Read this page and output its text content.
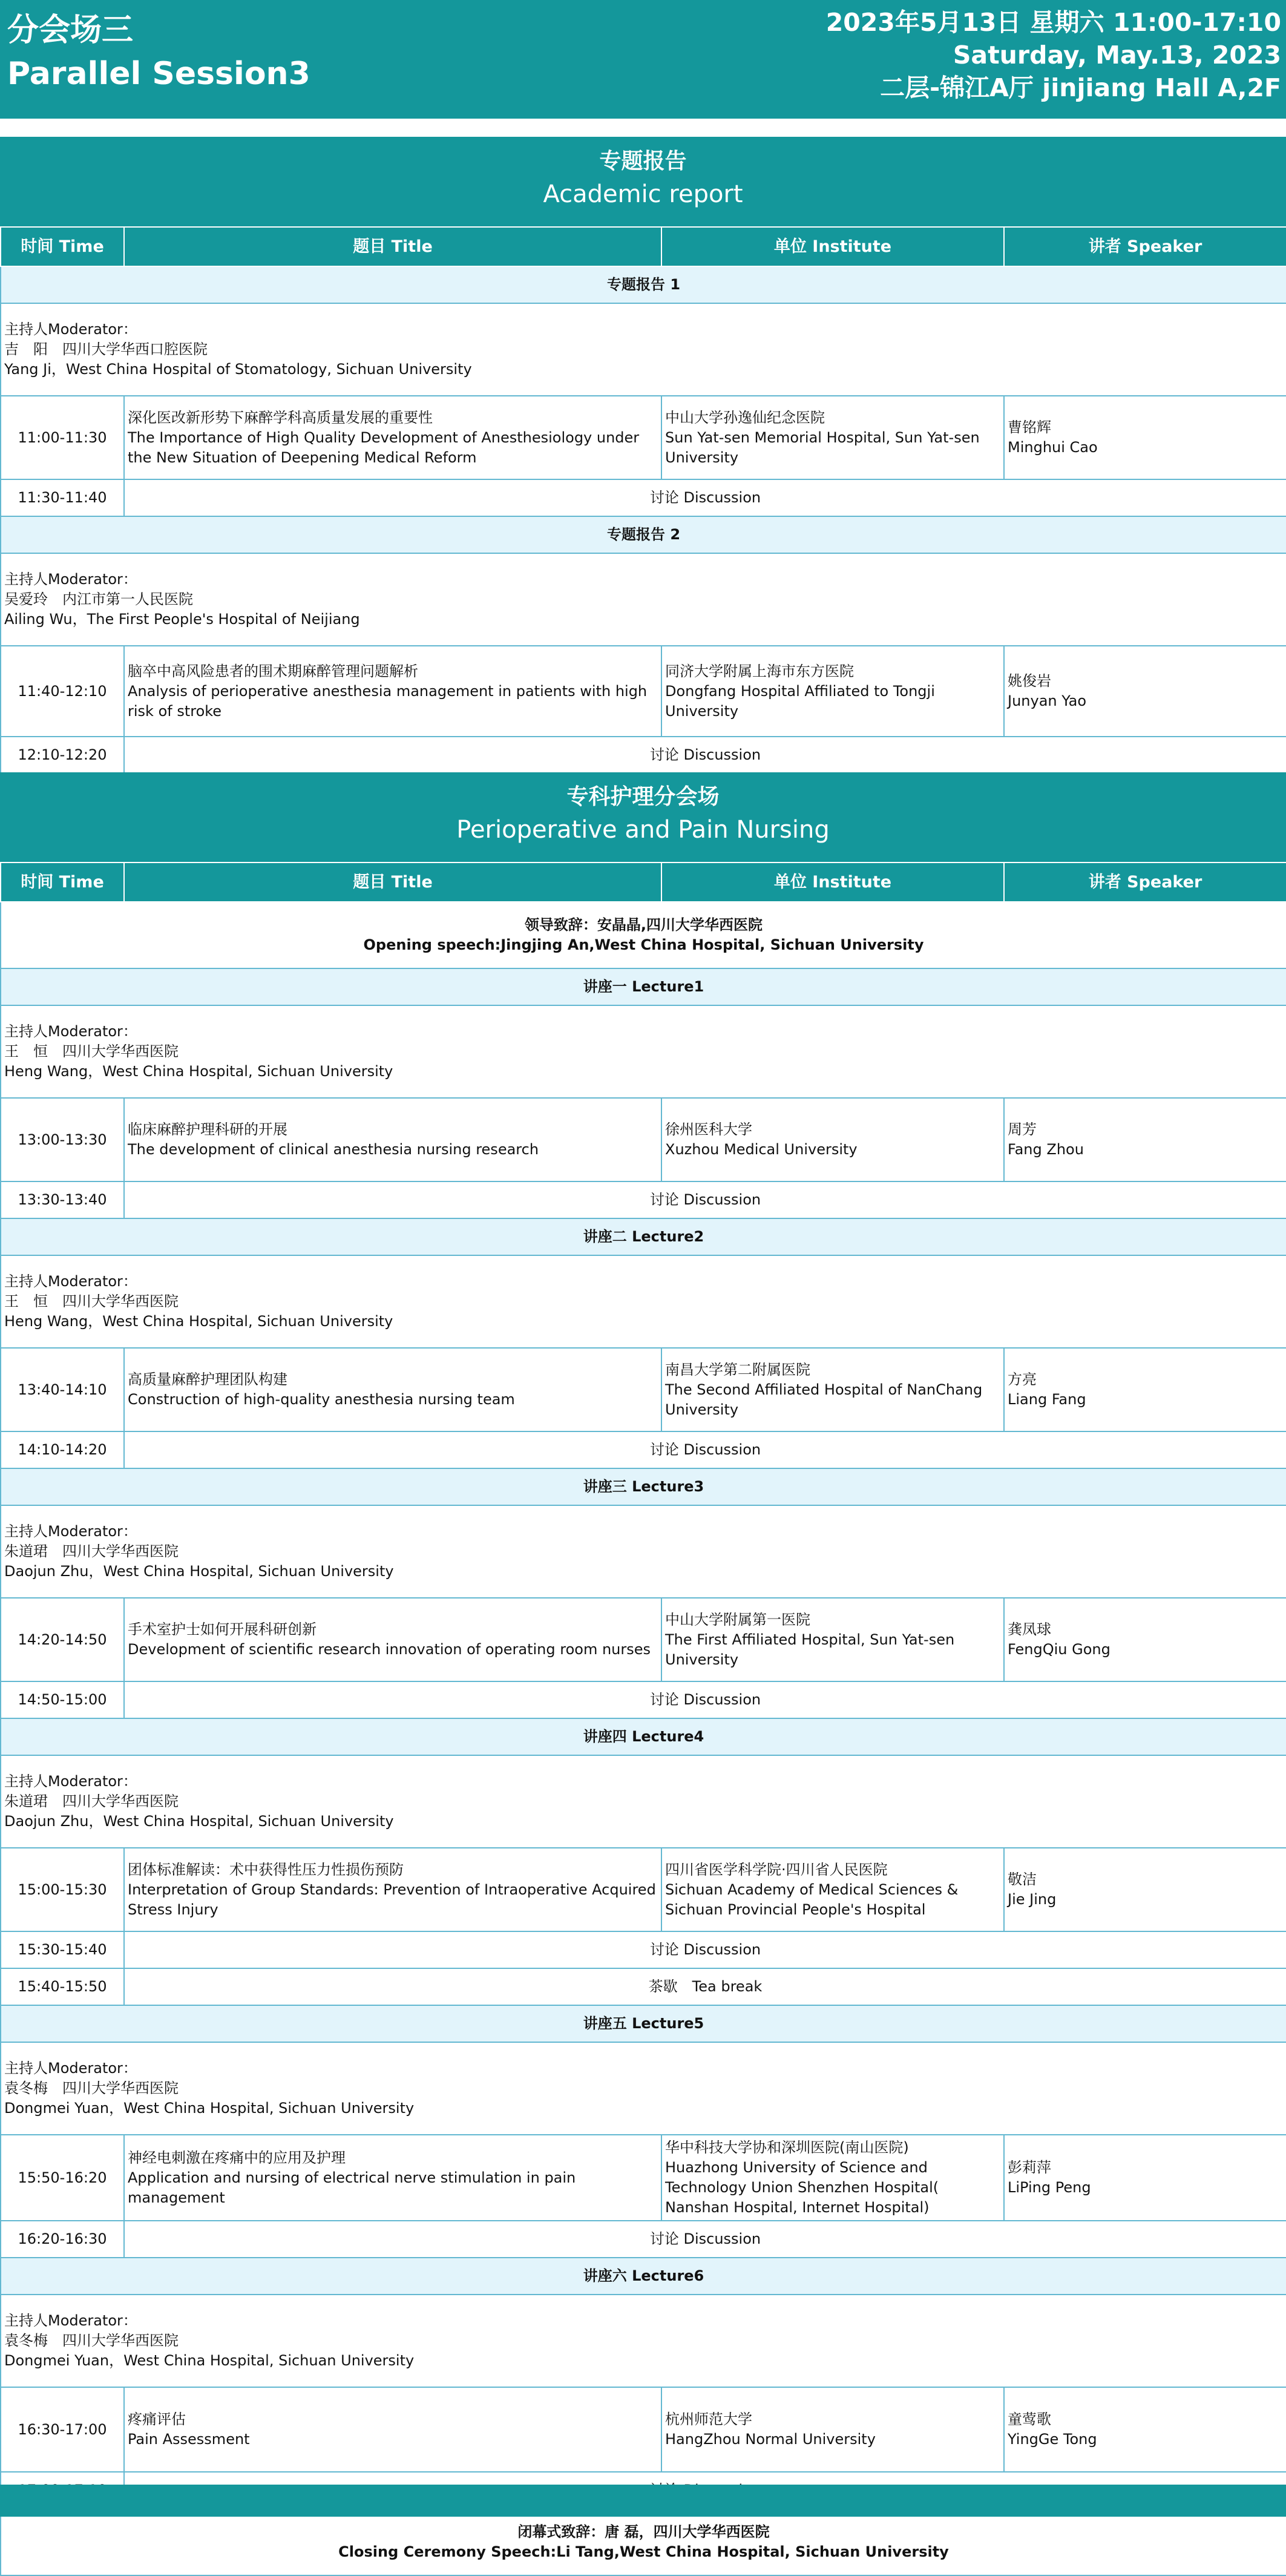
分会场三
Parallel Session3
2023年5月13日 星期六 11:00-17:10
Saturday, May.13, 2023
二层-锦江A厅 jinjiang Hall A,2F
专题报告
Academic report
时间 Time	题目 Title	单位 Institute	讲者 Speaker
专题报告 1			

主持人Moderator：
吉　阳　四川大学华西口腔医院
Yang Ji，West China Hospital of Stomatology, Sichuan University			

11:00-11:30	深化医改新形势下麻醉学科高质量发展的重要性
The Importance of High Quality Development of Anesthesiology under the New Situation of Deepening Medical Reform	中山大学孙逸仙纪念医院
Sun Yat-sen Memorial Hospital, Sun Yat-sen University	曹铭辉
Minghui Cao

11:30-11:40	讨论 Discussion		
专题报告 2			

主持人Moderator：
吴爱玲　内江市第一人民医院
Ailing Wu，The First People's Hospital of Neijiang			

11:40-12:10	脑卒中高风险患者的围术期麻醉管理问题解析
Analysis of perioperative anesthesia management in patients with high risk of stroke	同济大学附属上海市东方医院
Dongfang Hospital Affiliated to Tongji University	姚俊岩
Junyan Yao

12:10-12:20	讨论 Discussion		
专科护理分会场
Perioperative and Pain Nursing
时间 Time	题目 Title	单位 Institute	讲者 Speaker

领导致辞：安晶晶,四川大学华西医院
Opening speech:Jingjing An,West China Hospital, Sichuan University			

讲座一 Lecture1			

主持人Moderator：
王　恒　四川大学华西医院
Heng Wang，West China Hospital, Sichuan University			

13:00-13:30	临床麻醉护理科研的开展
The development of clinical anesthesia nursing research	徐州医科大学
Xuzhou Medical University	周芳
Fang Zhou

13:30-13:40	讨论 Discussion		
讲座二 Lecture2			

主持人Moderator：
王　恒　四川大学华西医院
Heng Wang，West China Hospital, Sichuan University			

13:40-14:10	高质量麻醉护理团队构建
Construction of high-quality anesthesia nursing team	南昌大学第二附属医院
The Second Affiliated Hospital of NanChang University	方亮
Liang Fang

14:10-14:20	讨论 Discussion		
讲座三 Lecture3			

主持人Moderator：
朱道珺　四川大学华西医院
Daojun Zhu，West China Hospital, Sichuan University			

14:20-14:50	手术室护士如何开展科研创新
Development of scientific research innovation of operating room nurses	中山大学附属第一医院
The First Affiliated Hospital, Sun Yat-sen University	龚凤球
FengQiu Gong

14:50-15:00	讨论 Discussion		
讲座四 Lecture4			

主持人Moderator：
朱道珺　四川大学华西医院
Daojun Zhu，West China Hospital, Sichuan University			

15:00-15:30	团体标准解读：术中获得性压力性损伤预防
Interpretation of Group Standards: Prevention of Intraoperative Acquired Stress Injury	四川省医学科学院·四川省人民医院
Sichuan Academy of Medical Sciences & Sichuan Provincial People's Hospital	敬洁
Jie Jing

15:30-15:40	讨论 Discussion		
15:40-15:50	茶歇　Tea break		
讲座五 Lecture5			

主持人Moderator：
袁冬梅　四川大学华西医院
Dongmei Yuan，West China Hospital, Sichuan University			

15:50-16:20	神经电刺激在疼痛中的应用及护理
Application and nursing of electrical nerve stimulation in pain management	华中科技大学协和深圳医院(南山医院)
Huazhong University of Science and Technology Union Shenzhen Hospital( Nanshan Hospital, Internet Hospital)	彭莉萍
LiPing Peng

16:20-16:30	讨论 Discussion		
讲座六 Lecture6			

主持人Moderator：
袁冬梅　四川大学华西医院
Dongmei Yuan，West China Hospital, Sichuan University			

16:30-17:00	疼痛评估
Pain Assessment	杭州师范大学
HangZhou Normal University	童莺歌
YingGe Tong

闭幕式致辞：唐 磊，四川大学华西医院
Closing Ceremony Speech:Li Tang,West China Hospital, Sichuan University			
